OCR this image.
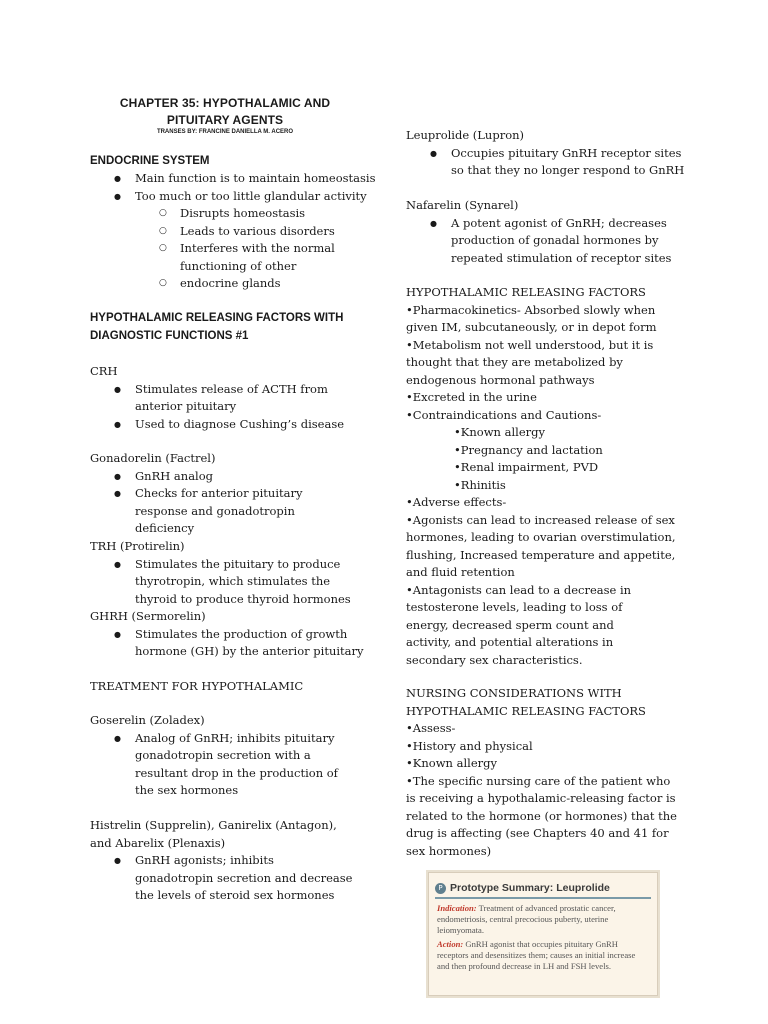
CHAPTER 35: HYPOTHALAMIC AND PITUITARY AGENTS
TRANSES BY: FRANCINE DANIELLA M. ACERO
ENDOCRINE SYSTEM
● Main function is to maintain homeostasis
● Too much or too little glandular activity
○ Disrupts homeostasis
○ Leads to various disorders
○ Interferes with the normal functioning of other
○ endocrine glands
HYPOTHALAMIC RELEASING FACTORS WITH DIAGNOSTIC FUNCTIONS #1
CRH
● Stimulates release of ACTH from anterior pituitary
● Used to diagnose Cushing’s disease
Gonadorelin (Factrel)
● GnRH analog
● Checks for anterior pituitary response and gonadotropin deficiency
TRH (Protirelin)
● Stimulates the pituitary to produce thyrotropin, which stimulates the thyroid to produce thyroid hormones
GHRH (Sermorelin)
● Stimulates the production of growth hormone (GH) by the anterior pituitary
TREATMENT FOR HYPOTHALAMIC
Goserelin (Zoladex)
● Analog of GnRH; inhibits pituitary gonadotropin secretion with a resultant drop in the production of the sex hormones
Histrelin (Supprelin), Ganirelix (Antagon), and Abarelix (Plenaxis)
● GnRH agonists; inhibits gonadotropin secretion and decrease the levels of steroid sex hormones
Leuprolide (Lupron)
● Occupies pituitary GnRH receptor sites so that they no longer respond to GnRH
Nafarelin (Synarel)
● A potent agonist of GnRH; decreases production of gonadal hormones by repeated stimulation of receptor sites
HYPOTHALAMIC RELEASING FACTORS
•Pharmacokinetics- Absorbed slowly when given IM, subcutaneously, or in depot form
•Metabolism not well understood, but it is thought that they are metabolized by endogenous hormonal pathways
•Excreted in the urine
•Contraindications and Cautions-
•Known allergy
•Pregnancy and lactation
•Renal impairment, PVD
•Rhinitis
•Adverse effects-
•Agonists can lead to increased release of sex hormones, leading to ovarian overstimulation, flushing, Increased temperature and appetite, and fluid retention
•Antagonists can lead to a decrease in testosterone levels, leading to loss of energy, decreased sperm count and activity, and potential alterations in secondary sex characteristics.
NURSING CONSIDERATIONS WITH HYPOTHALAMIC RELEASING FACTORS
•Assess-
•History and physical
•Known allergy
•The specific nursing care of the patient who is receiving a hypothalamic-releasing factor is related to the hormone (or hormones) that the drug is affecting (see Chapters 40 and 41 for sex hormones)
P Prototype Summary: Leuprolide

Indication: Treatment of advanced prostatic cancer, endometriosis, central precocious puberty, uterine leiomyomata.

Action: GnRH agonist that occupies pituitary GnRH receptors and desensitizes them; causes an initial increase and then profound decrease in LH and FSH levels.
